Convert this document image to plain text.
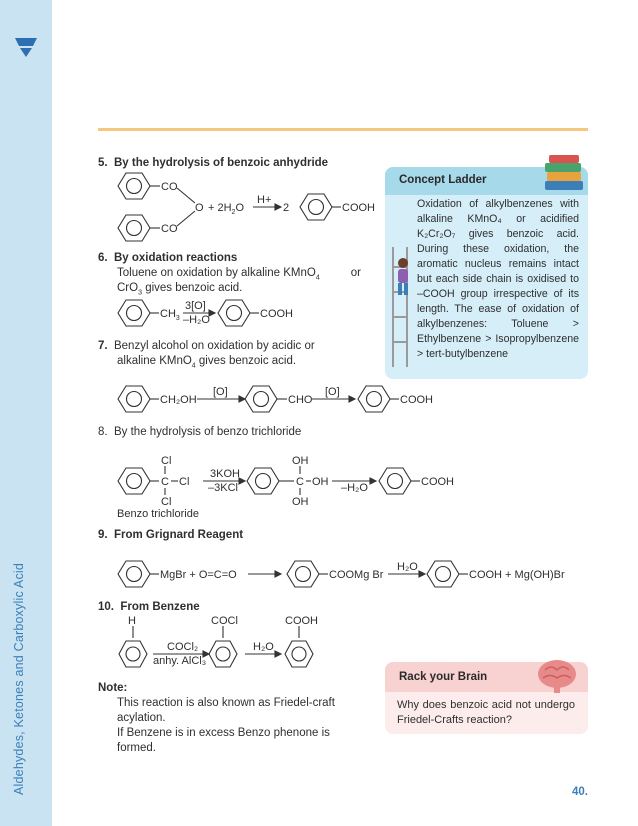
Aldehydes, Ketones and Carboxylic Acid
5. By the hydrolysis of benzoic anhydride
CO
CO
$O + 2H_2O$
H+
2	COOH
6. By oxidation reactions
Toluene on oxidation by alkaline KMnO$_4$	or
CrO$_3$ gives benzoic acid.
$CH_3$
3[O]
–H₂O	COOH
7. Benzyl alcohol on oxidation by acidic or
alkaline KMnO$_4$ gives benzoic acid.
CH₂OH
[O]
CHO
[O]
COOH
8. By the hydrolysis of benzo trichloride
Cl
C Cl
Cl
Benzo trichloride
3KOH
–3KCl
OH
C OH
OH
–H₂O	COOH
9. From Grignard Reagent
MgBr + O=C=O	COOMg Br
H₂O
COOH + Mg(OH)Br
10. From Benzene
H	COCl	COOH
COCl₂
anhy. AlCl₃
H₂O
Note:
This reaction is also known as Friedel-craft
acylation.
If Benzene is in excess Benzo phenone is
formed.
Concept Ladder
Oxidation of alkylbenzenes with alkaline KMnO₄ or acidified K₂Cr₂O₇ gives benzoic acid. During these oxidation, the aromatic nucleus remains intact but each side chain is oxidised to –COOH group irrespective of its length. The ease of oxidation of alkylbenzenes: Toluene > Ethylbenzene > Isopropylbenzene > tert-butylbenzene
Rack your Brain
Why does benzoic acid not undergo Friedel-Crafts reaction?
40.
